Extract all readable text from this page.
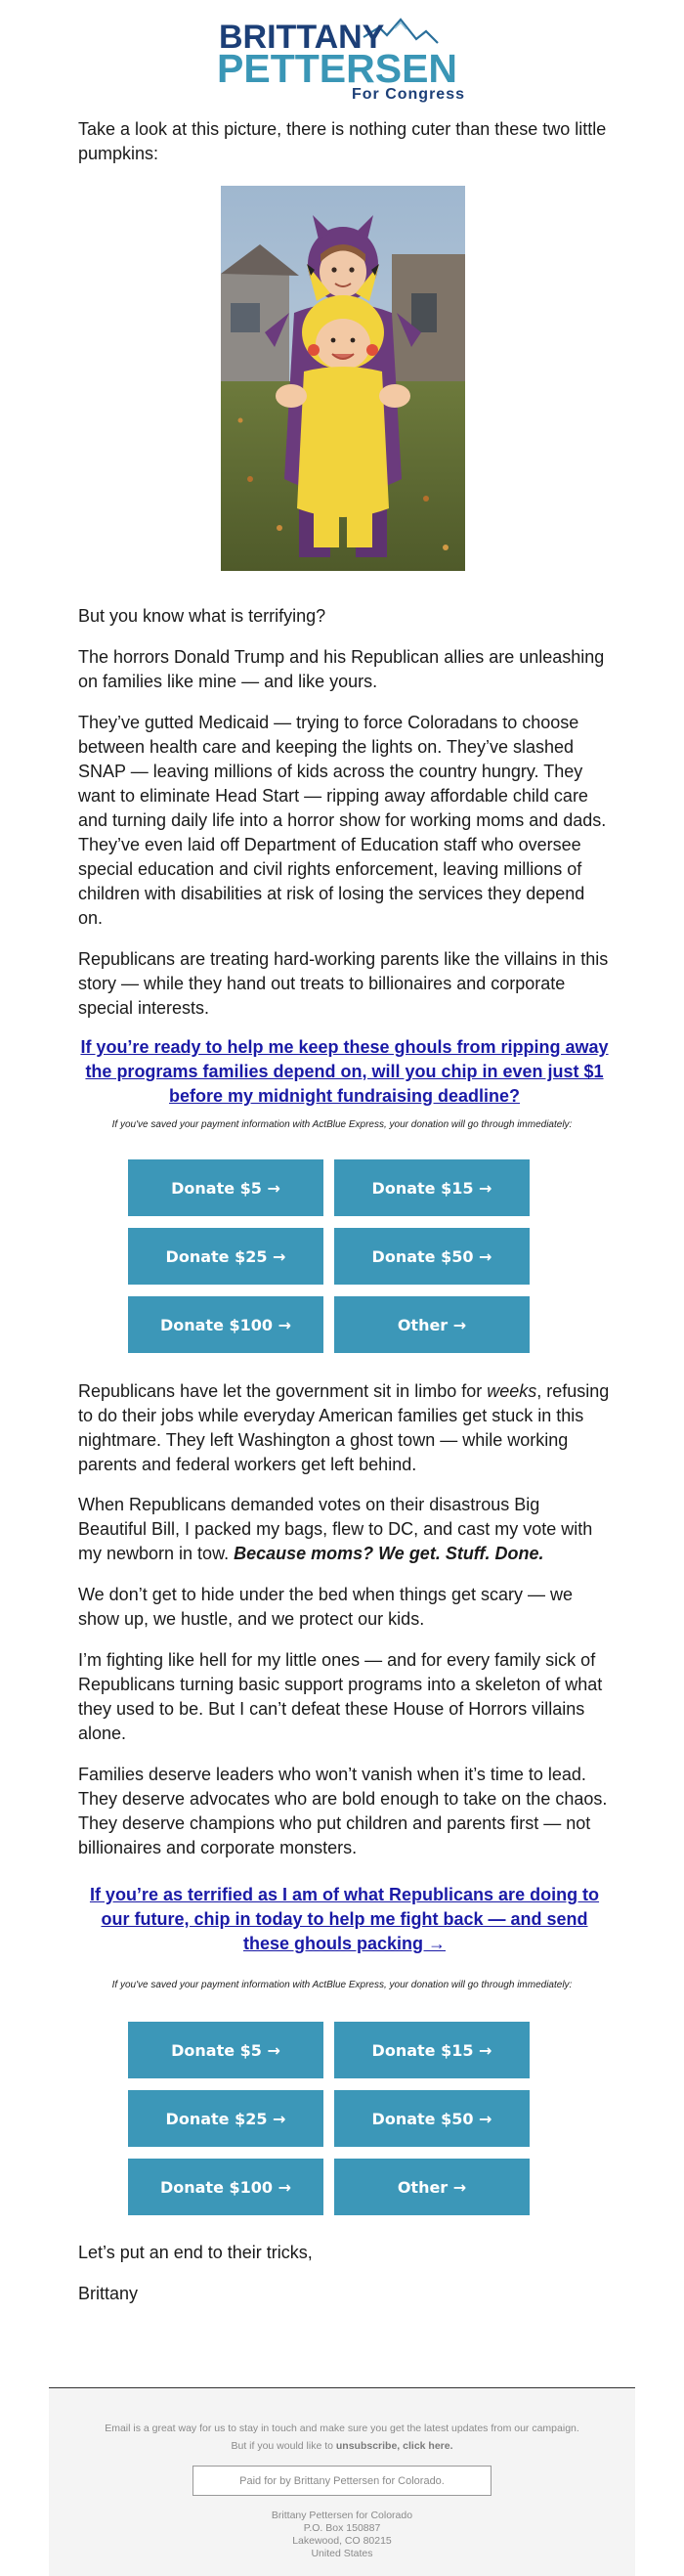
BRITTANY
PETTERSEN
For Congress
Take a look at this picture, there is nothing cuter than these two little pumpkins:
But you know what is terrifying?
The horrors Donald Trump and his Republican allies are unleashing on families like mine — and like yours.
They’ve gutted Medicaid — trying to force Coloradans to choose between health care and keeping the lights on. They’ve slashed SNAP — leaving millions of kids across the country hungry. They want to eliminate Head Start — ripping away affordable child care and turning daily life into a horror show for working moms and dads. They’ve even laid off Department of Education staff who oversee special education and civil rights enforcement, leaving millions of children with disabilities at risk of losing the services they depend on.
Republicans are treating hard-working parents like the villains in this story — while they hand out treats to billionaires and corporate special interests.
If you’re ready to help me keep these ghouls from ripping away the programs families depend on, will you chip in even just $1 before my midnight fundraising deadline?
If you've saved your payment information with ActBlue Express, your donation will go through immediately:
Donate $5 →	Donate $15 →
Donate $25 →	Donate $50 →
Donate $100 →	Other →
Republicans have let the government sit in limbo for weeks, refusing to do their jobs while everyday American families get stuck in this nightmare. They left Washington a ghost town — while working parents and federal workers get left behind.
When Republicans demanded votes on their disastrous Big Beautiful Bill, I packed my bags, flew to DC, and cast my vote with my newborn in tow. Because moms? We get. Stuff. Done.
We don’t get to hide under the bed when things get scary — we show up, we hustle, and we protect our kids.
I’m fighting like hell for my little ones — and for every family sick of Republicans turning basic support programs into a skeleton of what they used to be. But I can’t defeat these House of Horrors villains alone.
Families deserve leaders who won’t vanish when it’s time to lead. They deserve advocates who are bold enough to take on the chaos. They deserve champions who put children and parents first — not billionaires and corporate monsters.
If you’re as terrified as I am of what Republicans are doing to our future, chip in today to help me fight back — and send these ghouls packing →
If you've saved your payment information with ActBlue Express, your donation will go through immediately:
Donate $5 →	Donate $15 →
Donate $25 →	Donate $50 →
Donate $100 →	Other →
Let’s put an end to their tricks,
Brittany
Email is a great way for us to stay in touch and make sure you get the latest updates from our campaign.
But if you would like to unsubscribe, click here.
Paid for by Brittany Pettersen for Colorado.
Brittany Pettersen for Colorado
P.O. Box 150887
Lakewood, CO 80215
United States
